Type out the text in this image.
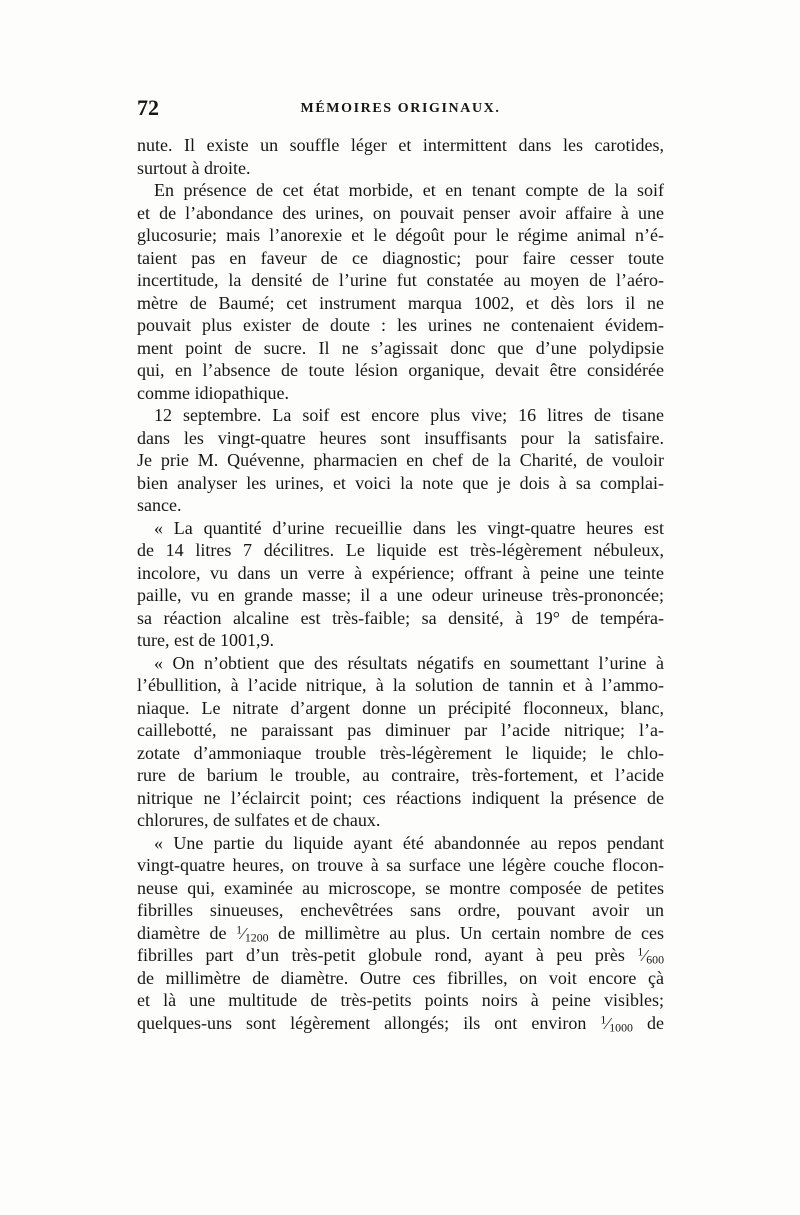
72	MÉMOIRES ORIGINAUX.
nute. Il existe un souffle léger et intermittent dans les carotides,
surtout à droite.
En présence de cet état morbide, et en tenant compte de la soif
et de l’abondance des urines, on pouvait penser avoir affaire à une
glucosurie; mais l’anorexie et le dégoût pour le régime animal n’é-
taient pas en faveur de ce diagnostic; pour faire cesser toute
incertitude, la densité de l’urine fut constatée au moyen de l’aéro-
mètre de Baumé; cet instrument marqua 1002, et dès lors il ne
pouvait plus exister de doute : les urines ne contenaient évidem-
ment point de sucre. Il ne s’agissait donc que d’une polydipsie
qui, en l’absence de toute lésion organique, devait être considérée
comme idiopathique.
12 septembre. La soif est encore plus vive; 16 litres de tisane
dans les vingt-quatre heures sont insuffisants pour la satisfaire.
Je prie M. Quévenne, pharmacien en chef de la Charité, de vouloir
bien analyser les urines, et voici la note que je dois à sa complai-
sance.
« La quantité d’urine recueillie dans les vingt-quatre heures est
de 14 litres 7 décilitres. Le liquide est très-légèrement nébuleux,
incolore, vu dans un verre à expérience; offrant à peine une teinte
paille, vu en grande masse; il a une odeur urineuse très-prononcée;
sa réaction alcaline est très-faible; sa densité, à 19° de tempéra-
ture, est de 1001,9.
« On n’obtient que des résultats négatifs en soumettant l’urine à
l’ébullition, à l’acide nitrique, à la solution de tannin et à l’ammo-
niaque. Le nitrate d’argent donne un précipité floconneux, blanc,
caillebotté, ne paraissant pas diminuer par l’acide nitrique; l’a-
zotate d’ammoniaque trouble très-légèrement le liquide; le chlo-
rure de barium le trouble, au contraire, très-fortement, et l’acide
nitrique ne l’éclaircit point; ces réactions indiquent la présence de
chlorures, de sulfates et de chaux.
« Une partie du liquide ayant été abandonnée au repos pendant
vingt-quatre heures, on trouve à sa surface une légère couche flocon-
neuse qui, examinée au microscope, se montre composée de petites
fibrilles sinueuses, enchevêtrées sans ordre, pouvant avoir un
diamètre de $^1$⁄1200 de millimètre au plus. Un certain nombre de ces
fibrilles part d’un très-petit globule rond, ayant à peu près $^1$⁄600
de millimètre de diamètre. Outre ces fibrilles, on voit encore çà
et là une multitude de très-petits points noirs à peine visibles;
quelques-uns sont légèrement allongés; ils ont environ $^1$⁄1000 de
